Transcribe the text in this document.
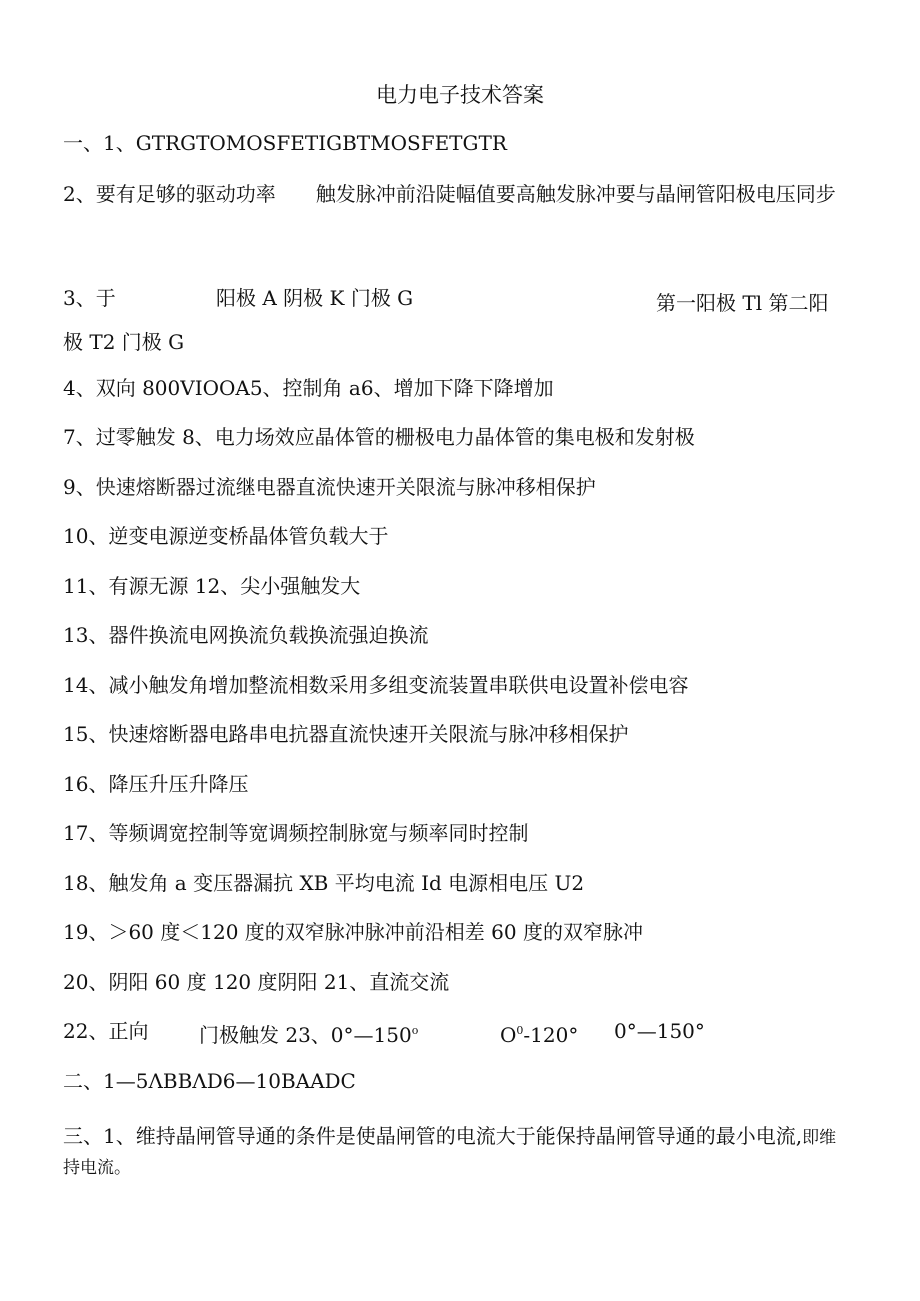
电力电子技术答案
一、1、GTRGTOMOSFETIGBTMOSFETGTR
2、要有足够的驱动功率　　触发脉冲前沿陡幅值要高触发脉冲要与晶闸管阳极电压同步
3、于	阳极 A 阴极 K 门极 G	第一阳极 Tl 第二阳
极 T2 门极 G
4、双向 800VIOOA5、控制角 a6、增加下降下降增加
7、过零触发 8、电力场效应晶体管的栅极电力晶体管的集电极和发射极
9、快速熔断器过流继电器直流快速开关限流与脉冲移相保护
10、逆变电源逆变桥晶体管负载大于
11、有源无源 12、尖小强触发大
13、器件换流电网换流负载换流强迫换流
14、减小触发角增加整流相数采用多组变流装置串联供电设置补偿电容
15、快速熔断器电路串电抗器直流快速开关限流与脉冲移相保护
16、降压升压升降压
17、等频调宽控制等宽调频控制脉宽与频率同时控制
18、触发角 a 变压器漏抗 XB 平均电流 Id 电源相电压 U2
19、＞60 度＜120 度的双窄脉冲脉冲前沿相差 60 度的双窄脉冲
20、阴阳 60 度 120 度阴阳 21、直流交流
22、正向	门极触发 23、0°—150$^o$	$O^0-120^\circ$ 0°—150°
二、1—5ΛBBΛD6—10BAADC
三、1、维持晶闸管导通的条件是使晶闸管的电流大于能保持晶闸管导通的最小电流,即维持电流。
